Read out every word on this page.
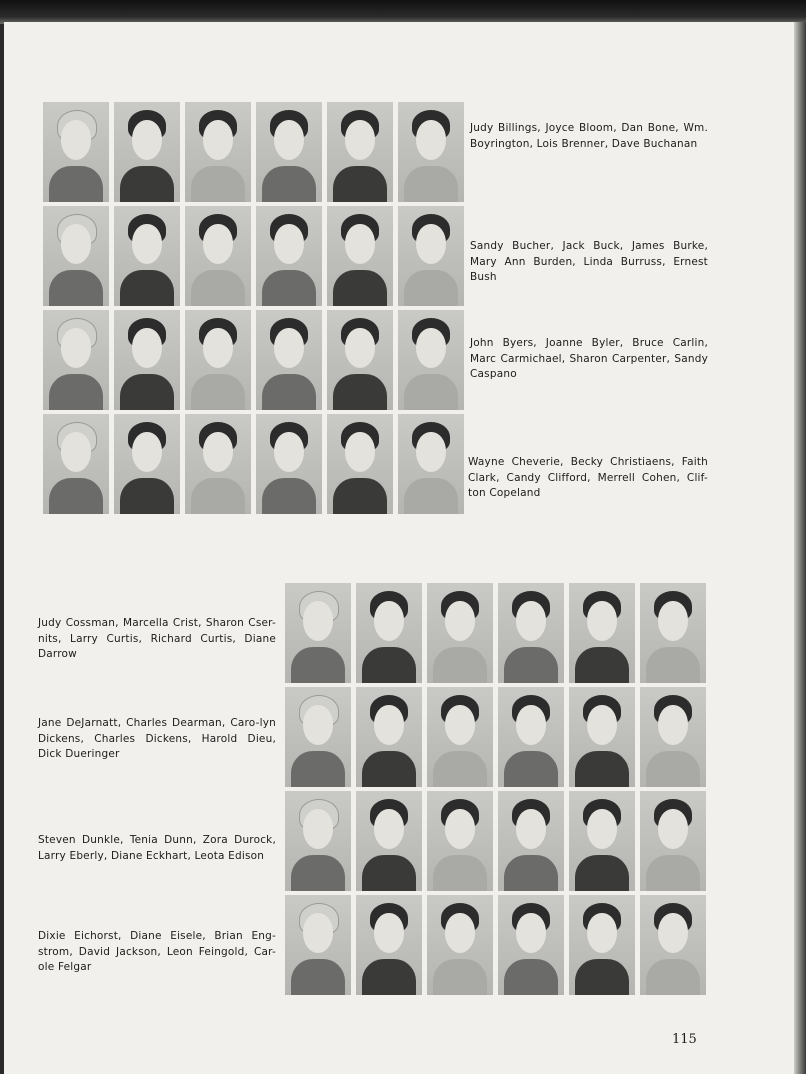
Judy Billings, Joyce Bloom, Dan Bone, Wm. Boyrington, Lois Brenner, Dave Buchanan
Sandy Bucher, Jack Buck, James Burke, Mary Ann Burden, Linda Burruss, Ernest Bush
John Byers, Joanne Byler, Bruce Carlin, Marc Carmichael, Sharon Carpenter, Sandy Caspano
Wayne Cheverie, Becky Christiaens, Faith Clark, Candy Clifford, Merrell Cohen, Clif-ton Copeland
Judy Cossman, Marcella Crist, Sharon Cser-nits, Larry Curtis, Richard Curtis, Diane Darrow
Jane DeJarnatt, Charles Dearman, Caro-lyn Dickens, Charles Dickens, Harold Dieu, Dick Dueringer
Steven Dunkle, Tenia Dunn, Zora Durock, Larry Eberly, Diane Eckhart, Leota Edison
Dixie Eichorst, Diane Eisele, Brian Eng-strom, David Jackson, Leon Feingold, Car-ole Felgar
115
